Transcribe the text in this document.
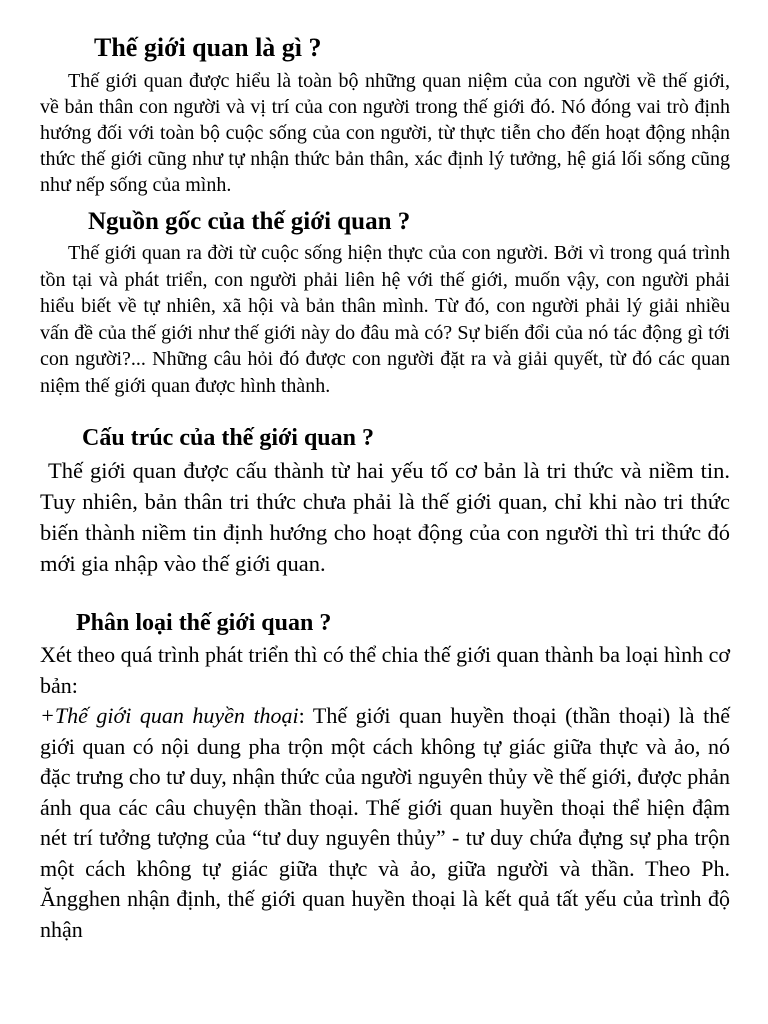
Thế giới quan là gì ?

Thế giới quan được hiểu là toàn bộ những quan niệm của con người về thế giới, về bản thân con người và vị trí của con người trong thế giới đó. Nó đóng vai trò định hướng đối với toàn bộ cuộc sống của con người, từ thực tiễn cho đến hoạt động nhận thức thế giới cũng như tự nhận thức bản thân, xác định lý tưởng, hệ giá lối sống cũng như nếp sống của mình.

Nguồn gốc của thế giới quan ?

Thế giới quan ra đời từ cuộc sống hiện thực của con người. Bởi vì trong quá trình tồn tại và phát triển, con người phải liên hệ với thế giới, muốn vậy, con người phải hiểu biết về tự nhiên, xã hội và bản thân mình. Từ đó, con người phải lý giải nhiều vấn đề của thế giới như thế giới này do đâu mà có? Sự biến đổi của nó tác động gì tới con người?... Những câu hỏi đó được con người đặt ra và giải quyết, từ đó các quan niệm thế giới quan được hình thành.

Cấu trúc của thế giới quan ?

Thế giới quan được cấu thành từ hai yếu tố cơ bản là tri thức và niềm tin. Tuy nhiên, bản thân tri thức chưa phải là thế giới quan, chỉ khi nào tri thức biến thành niềm tin định hướng cho hoạt động của con người thì tri thức đó mới gia nhập vào thế giới quan.

Phân loại thế giới quan ?

Xét theo quá trình phát triển thì có thể chia thế giới quan thành ba loại hình cơ bản:

+Thế giới quan huyền thoại: Thế giới quan huyền thoại (thần thoại) là thế giới quan có nội dung pha trộn một cách không tự giác giữa thực và ảo, nó đặc trưng cho tư duy, nhận thức của người nguyên thủy về thế giới, được phản ánh qua các câu chuyện thần thoại. Thế giới quan huyền thoại thể hiện đậm nét trí tưởng tượng của “tư duy nguyên thủy” - tư duy chứa đựng sự pha trộn một cách không tự giác giữa thực và ảo, giữa người và thần. Theo Ph. Ăngghen nhận định, thế giới quan huyền thoại là kết quả tất yếu của trình độ nhận
